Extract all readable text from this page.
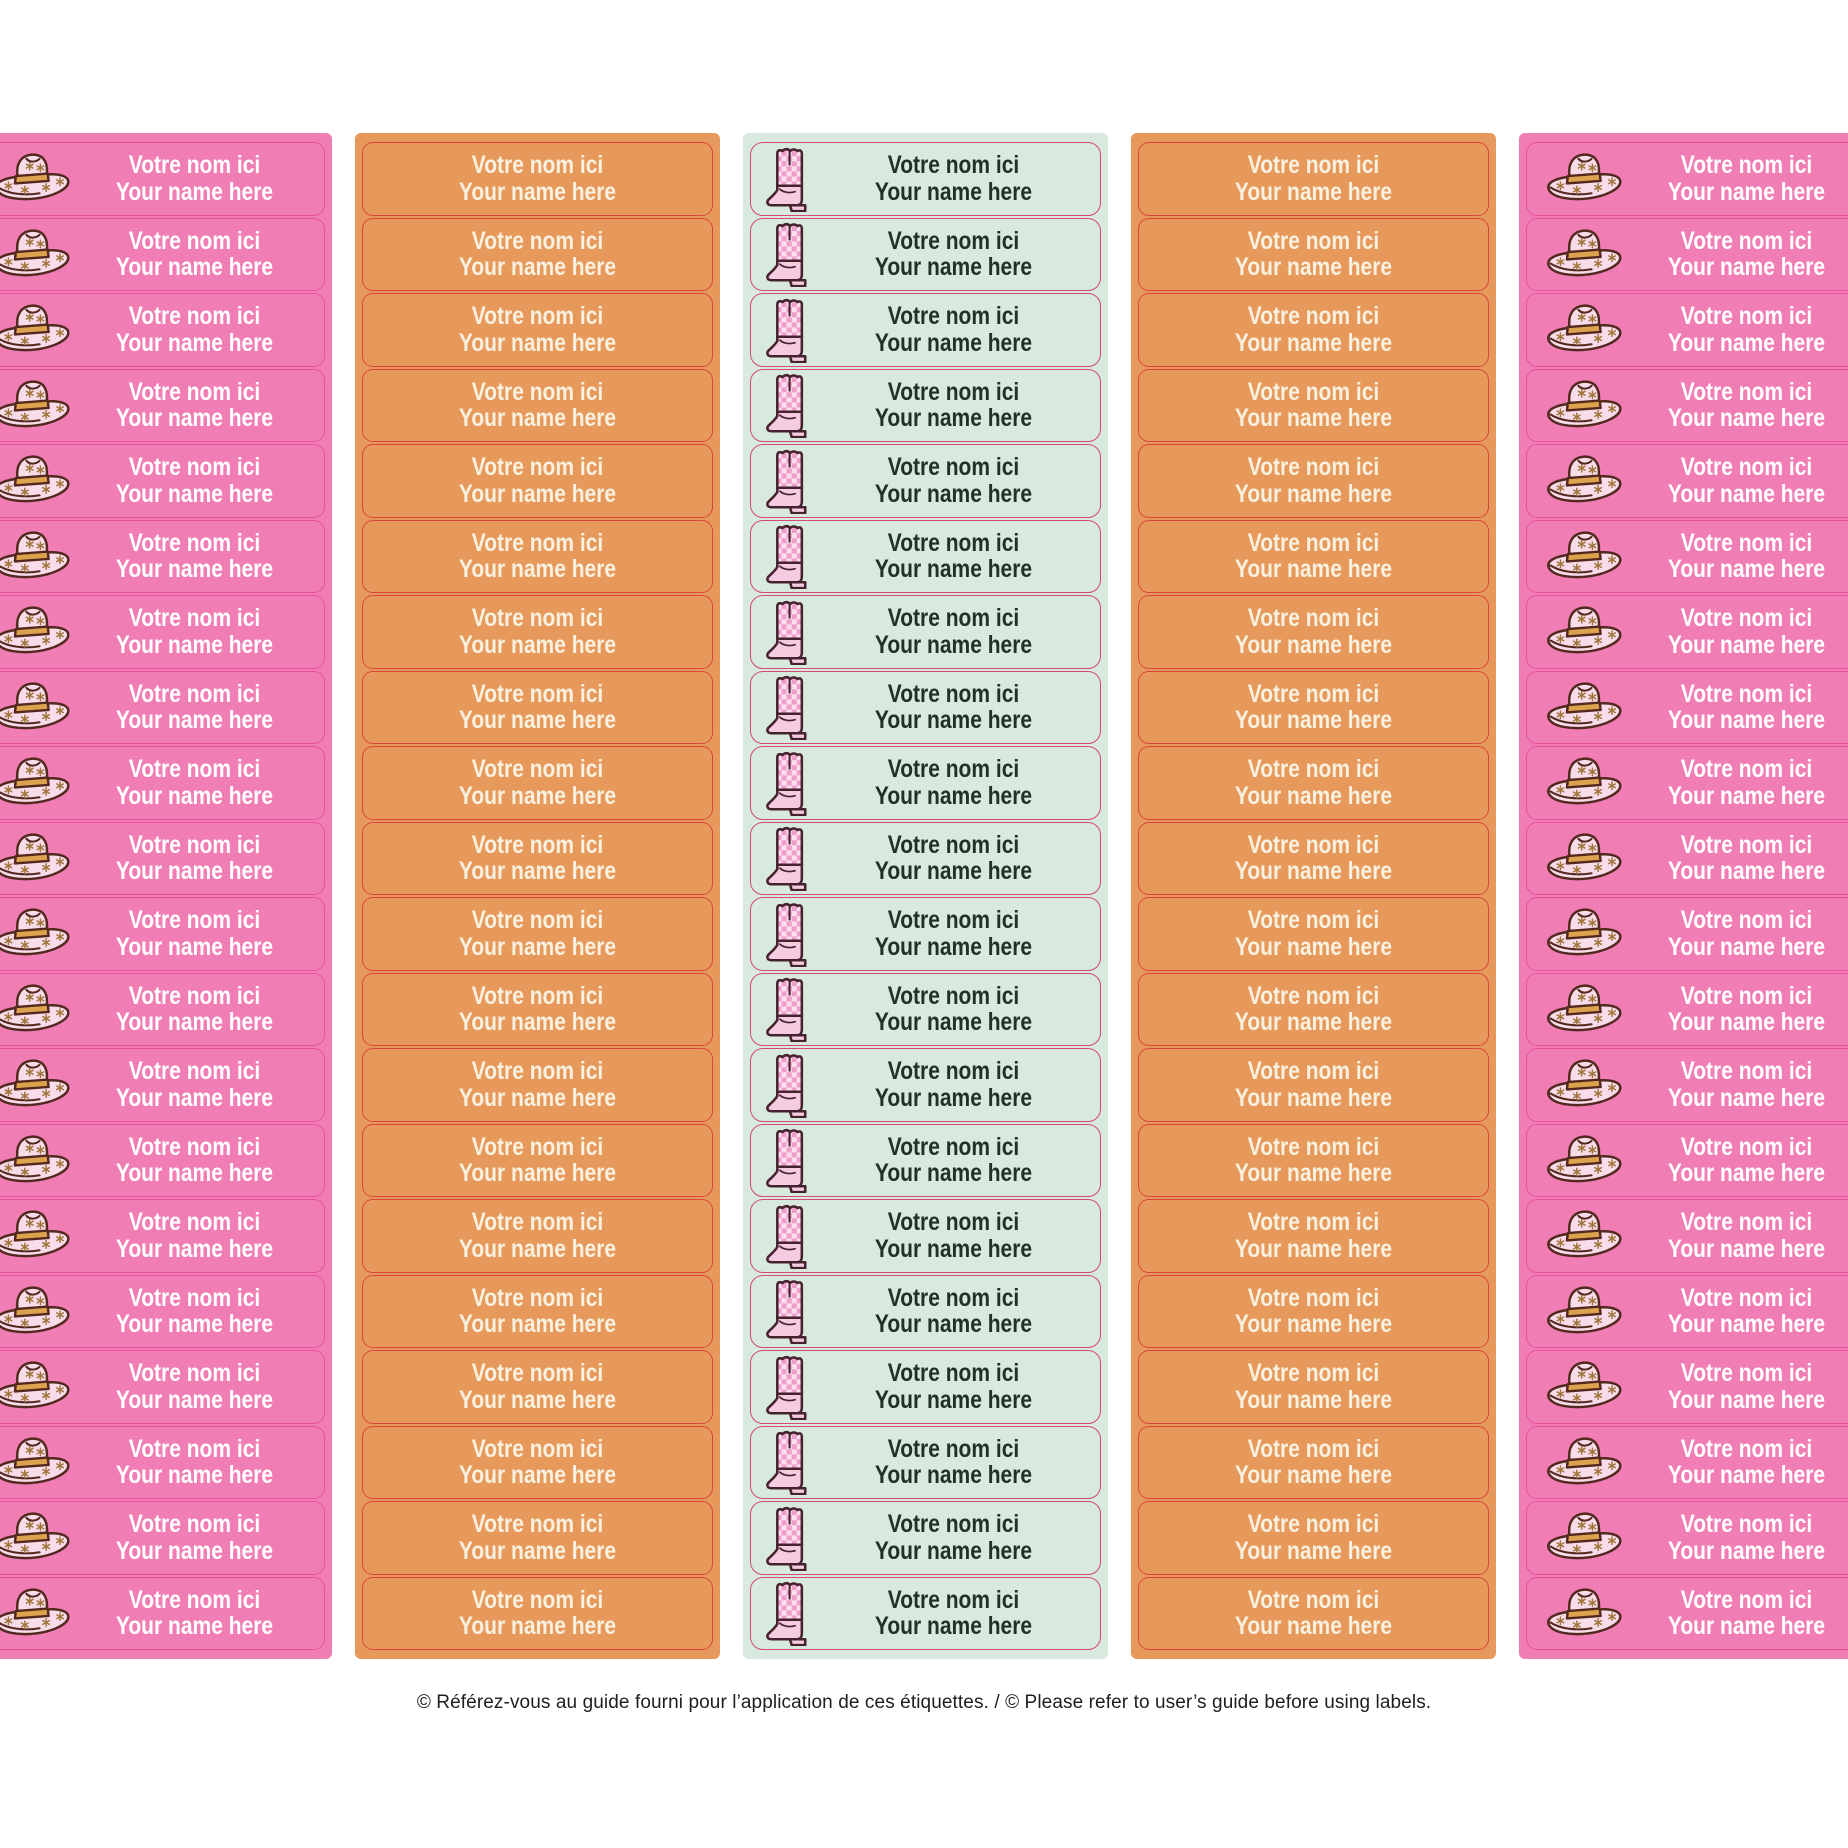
Votre nom ici
Your name here
Votre nom ici
Your name here
Votre nom ici
Your name here
Votre nom ici
Your name here
Votre nom ici
Your name here
Votre nom ici
Your name here
Votre nom ici
Your name here
Votre nom ici
Your name here
Votre nom ici
Your name here
Votre nom ici
Your name here
Votre nom ici
Your name here
Votre nom ici
Your name here
Votre nom ici
Your name here
Votre nom ici
Your name here
Votre nom ici
Your name here
Votre nom ici
Your name here
Votre nom ici
Your name here
Votre nom ici
Your name here
Votre nom ici
Your name here
Votre nom ici
Your name here
Votre nom ici
Your name here
Votre nom ici
Your name here
Votre nom ici
Your name here
Votre nom ici
Your name here
Votre nom ici
Your name here
Votre nom ici
Your name here
Votre nom ici
Your name here
Votre nom ici
Your name here
Votre nom ici
Your name here
Votre nom ici
Your name here
Votre nom ici
Your name here
Votre nom ici
Your name here
Votre nom ici
Your name here
Votre nom ici
Your name here
Votre nom ici
Your name here
Votre nom ici
Your name here
Votre nom ici
Your name here
Votre nom ici
Your name here
Votre nom ici
Your name here
Votre nom ici
Your name here
Votre nom ici
Your name here
Votre nom ici
Your name here
Votre nom ici
Your name here
Votre nom ici
Your name here
Votre nom ici
Your name here
Votre nom ici
Your name here
Votre nom ici
Your name here
Votre nom ici
Your name here
Votre nom ici
Your name here
Votre nom ici
Your name here
Votre nom ici
Your name here
Votre nom ici
Your name here
Votre nom ici
Your name here
Votre nom ici
Your name here
Votre nom ici
Your name here
Votre nom ici
Your name here
Votre nom ici
Your name here
Votre nom ici
Your name here
Votre nom ici
Your name here
Votre nom ici
Your name here
Votre nom ici
Your name here
Votre nom ici
Your name here
Votre nom ici
Your name here
Votre nom ici
Your name here
Votre nom ici
Your name here
Votre nom ici
Your name here
Votre nom ici
Your name here
Votre nom ici
Your name here
Votre nom ici
Your name here
Votre nom ici
Your name here
Votre nom ici
Your name here
Votre nom ici
Your name here
Votre nom ici
Your name here
Votre nom ici
Your name here
Votre nom ici
Your name here
Votre nom ici
Your name here
Votre nom ici
Your name here
Votre nom ici
Your name here
Votre nom ici
Your name here
Votre nom ici
Your name here
Votre nom ici
Your name here
Votre nom ici
Your name here
Votre nom ici
Your name here
Votre nom ici
Your name here
Votre nom ici
Your name here
Votre nom ici
Your name here
Votre nom ici
Your name here
Votre nom ici
Your name here
Votre nom ici
Your name here
Votre nom ici
Your name here
Votre nom ici
Your name here
Votre nom ici
Your name here
Votre nom ici
Your name here
Votre nom ici
Your name here
Votre nom ici
Your name here
Votre nom ici
Your name here
Votre nom ici
Your name here
Votre nom ici
Your name here
Votre nom ici
Your name here
Votre nom ici
Your name here
© Référez-vous au guide fourni pour l’application de ces étiquettes. / © Please refer to user’s guide before using labels.
